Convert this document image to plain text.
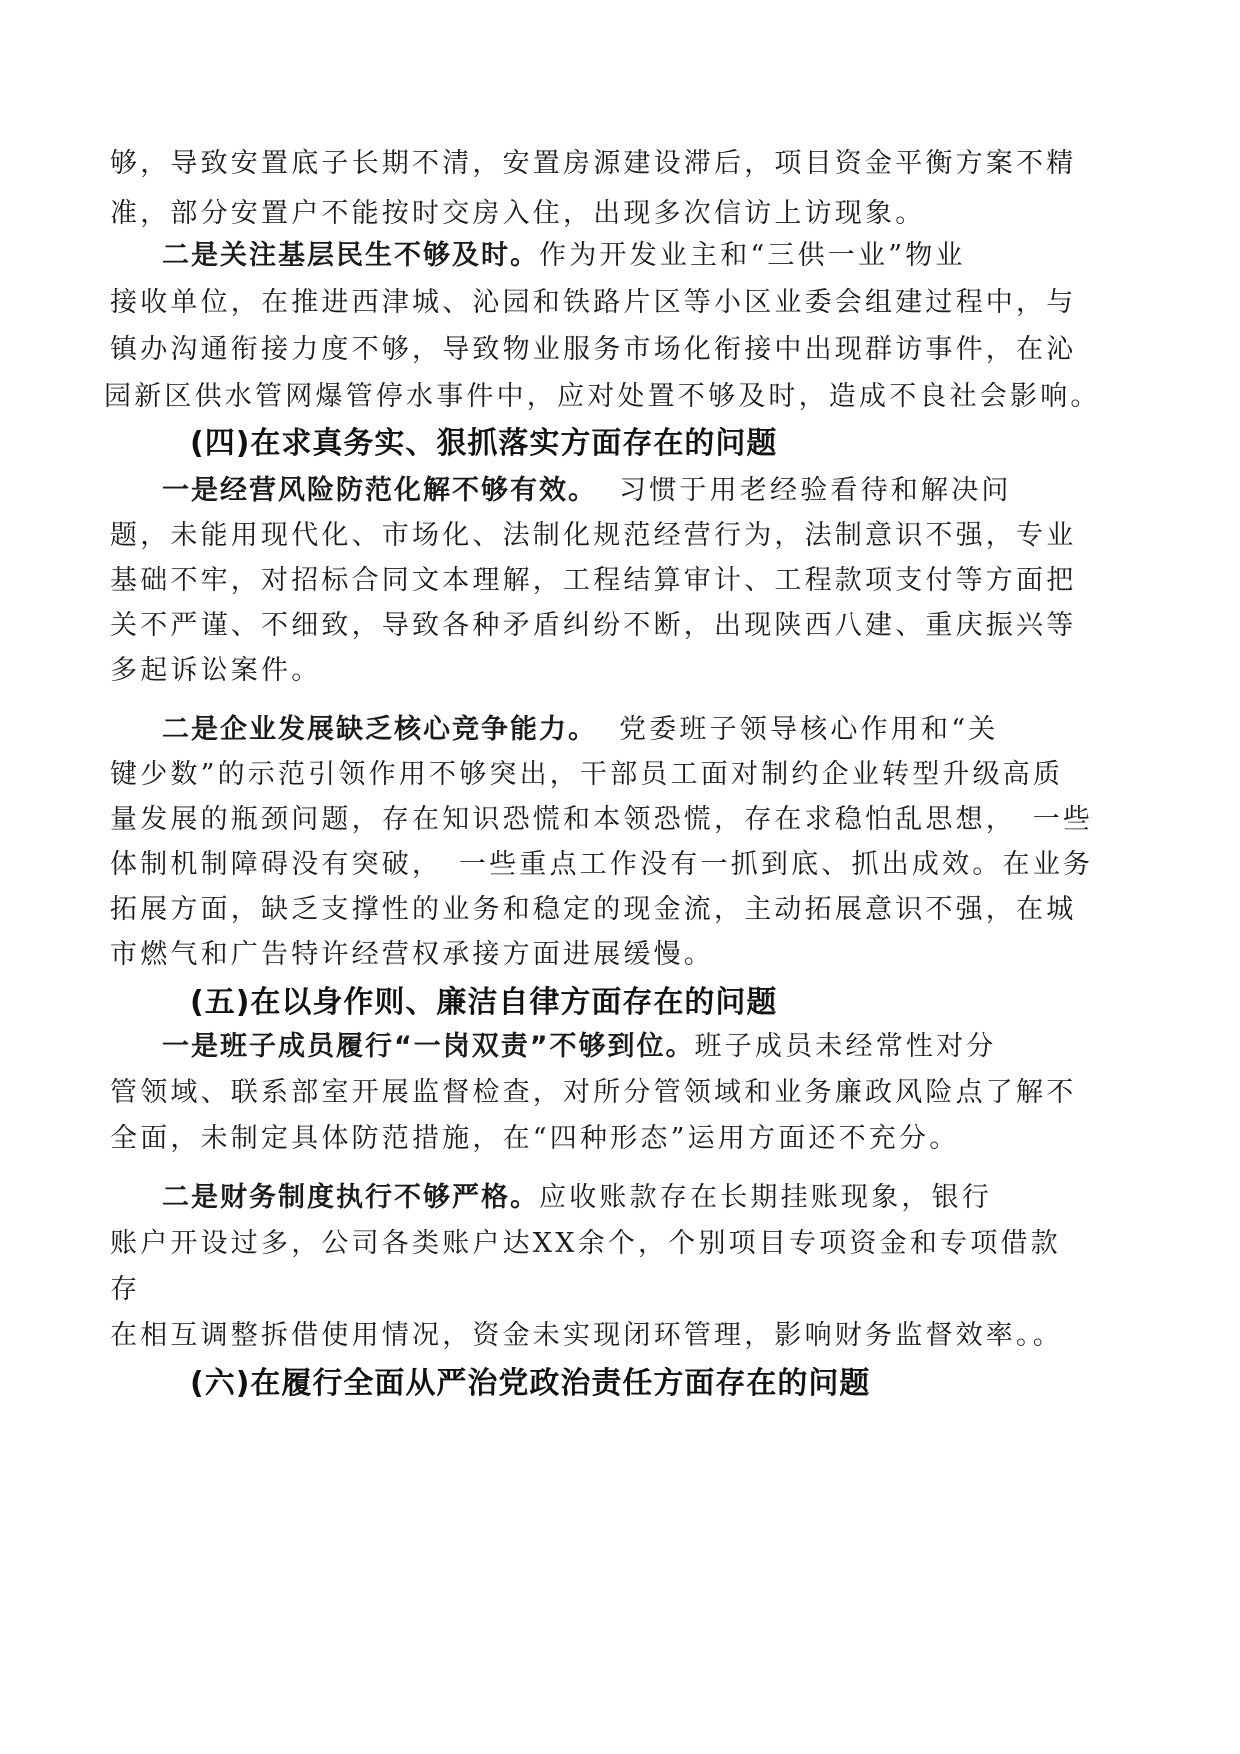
够，导致安置底子长期不清，安置房源建设滞后，项目资金平衡方案不精
准，部分安置户不能按时交房入住，出现多次信访上访现象。
二是关注基层民生不够及时。作为开发业主和“三供一业”物业
接收单位，在推进西津城、沁园和铁路片区等小区业委会组建过程中，与
镇办沟通衔接力度不够，导致物业服务市场化衔接中出现群访事件，在沁
园新区供水管网爆管停水事件中，应对处置不够及时，造成不良社会影响。
(四)在求真务实、狠抓落实方面存在的问题
一是经营风险防范化解不够有效。 习惯于用老经验看待和解决问
题，未能用现代化、市场化、法制化规范经营行为，法制意识不强，专业
基础不牢，对招标合同文本理解，工程结算审计、工程款项支付等方面把
关不严谨、不细致，导致各种矛盾纠纷不断，出现陕西八建、重庆振兴等
多起诉讼案件。
二是企业发展缺乏核心竞争能力。 党委班子领导核心作用和“关
键少数”的示范引领作用不够突出，干部员工面对制约企业转型升级高质
量发展的瓶颈问题，存在知识恐慌和本领恐慌，存在求稳怕乱思想，　一些
体制机制障碍没有突破，　一些重点工作没有一抓到底、抓出成效。在业务
拓展方面，缺乏支撑性的业务和稳定的现金流，主动拓展意识不强，在城
市燃气和广告特许经营权承接方面进展缓慢。
(五)在以身作则、廉洁自律方面存在的问题
一是班子成员履行“一岗双责”不够到位。班子成员未经常性对分
管领域、联系部室开展监督检查，对所分管领域和业务廉政风险点了解不
全面，未制定具体防范措施，在“四种形态”运用方面还不充分。
二是财务制度执行不够严格。应收账款存在长期挂账现象，银行
账户开设过多，公司各类账户达XX余个，个别项目专项资金和专项借款
存
在相互调整拆借使用情况，资金未实现闭环管理，影响财务监督效率。。
(六)在履行全面从严治党政治责任方面存在的问题
